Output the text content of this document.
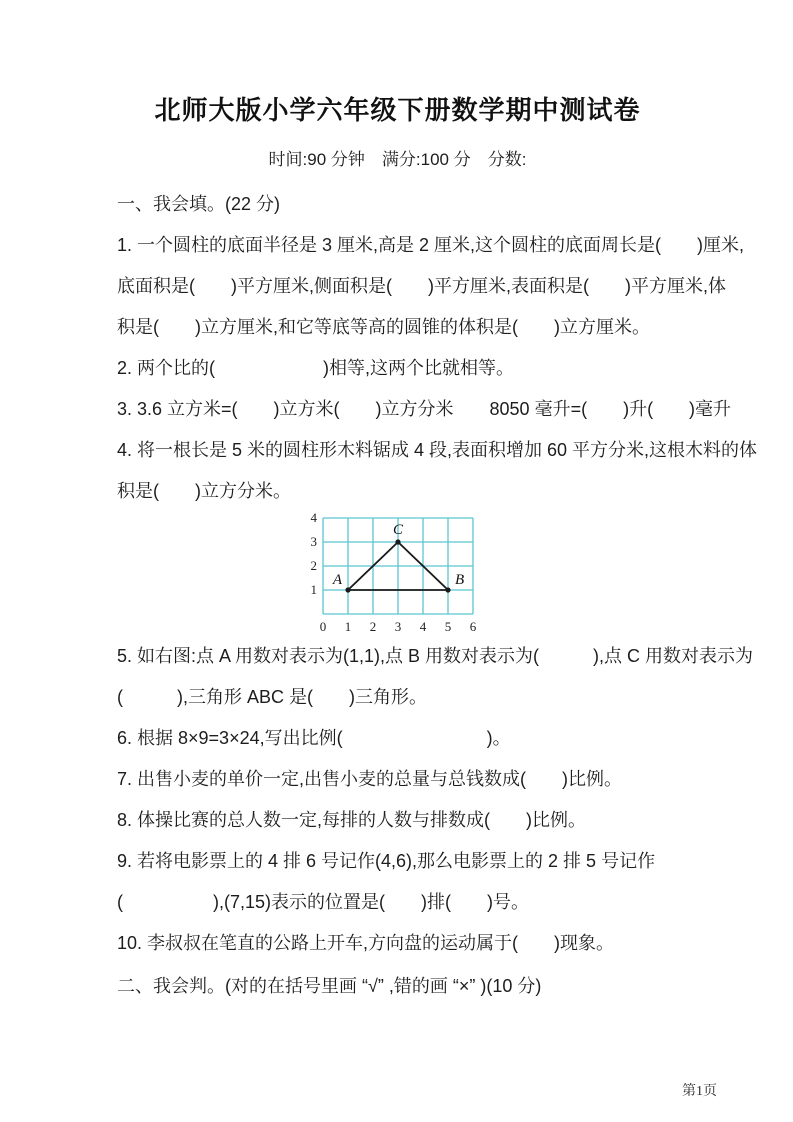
北师大版小学六年级下册数学期中测试卷
时间:90 分钟　满分:100 分　分数:
一、我会填。(22 分)
1. 一个圆柱的底面半径是 3 厘米,高是 2 厘米,这个圆柱的底面周长是(　　)厘米,
底面积是(　　)平方厘米,侧面积是(　　)平方厘米,表面积是(　　)平方厘米,体
积是(　　)立方厘米,和它等底等高的圆锥的体积是(　　)立方厘米。
2. 两个比的(　　　　　　)相等,这两个比就相等。
3. 3.6 立方米=(　　)立方米(　　)立方分米　　8050 毫升=(　　)升(　　)毫升
4. 将一根长是 5 米的圆柱形木料锯成 4 段,表面积增加 60 平方分米,这根木料的体
积是(　　)立方分米。
0 1 2 3 4 5 6
1
2
3
4
A	B
C
5. 如右图:点 A 用数对表示为(1,1),点 B 用数对表示为(　　　),点 C 用数对表示为
(　　　),三角形 ABC 是(　　)三角形。
6. 根据 8×9=3×24,写出比例(　　　　　　　　)。
7. 出售小麦的单价一定,出售小麦的总量与总钱数成(　　)比例。
8. 体操比赛的总人数一定,每排的人数与排数成(　　)比例。
9. 若将电影票上的 4 排 6 号记作(4,6),那么电影票上的 2 排 5 号记作
(　　　　　),(7,15)表示的位置是(　　)排(　　)号。
10. 李叔叔在笔直的公路上开车,方向盘的运动属于(　　)现象。
二、我会判。(对的在括号里画 “√” ,错的画 “×” )(10 分)
第1页
